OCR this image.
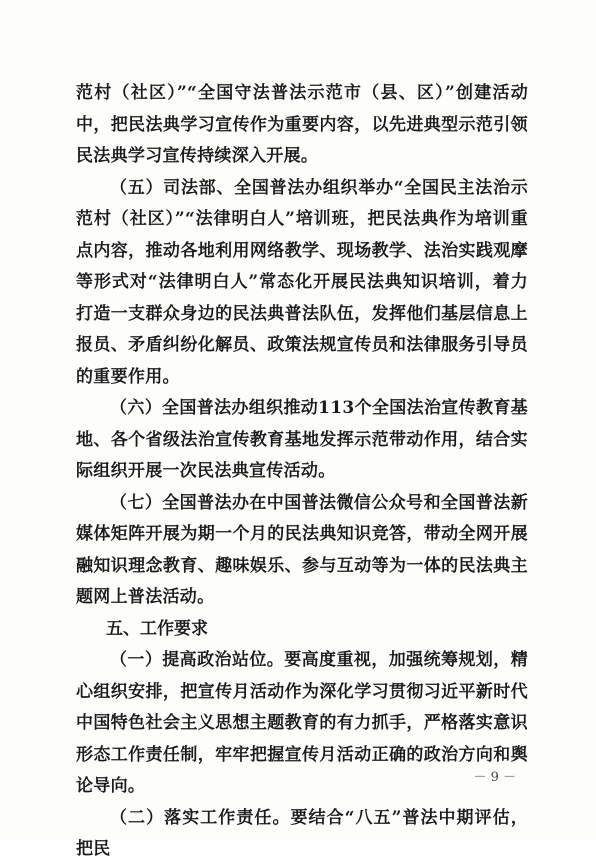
范村（社区）”“全国守法普法示范市（县、区）”创建活动中，把民法典学习宣传作为重要内容，以先进典型示范引领民法典学习宣传持续深入开展。

（五）司法部、全国普法办组织举办“全国民主法治示范村（社区）”“法律明白人”培训班，把民法典作为培训重点内容，推动各地利用网络教学、现场教学、法治实践观摩等形式对“法律明白人”常态化开展民法典知识培训，着力打造一支群众身边的民法典普法队伍，发挥他们基层信息上报员、矛盾纠纷化解员、政策法规宣传员和法律服务引导员的重要作用。

（六）全国普法办组织推动113个全国法治宣传教育基地、各个省级法治宣传教育基地发挥示范带动作用，结合实际组织开展一次民法典宣传活动。

（七）全国普法办在中国普法微信公众号和全国普法新媒体矩阵开展为期一个月的民法典知识竞答，带动全网开展融知识理念教育、趣味娱乐、参与互动等为一体的民法典主题网上普法活动。

五、工作要求

（一）提高政治站位。要高度重视，加强统筹规划，精心组织安排，把宣传月活动作为深化学习贯彻习近平新时代中国特色社会主义思想主题教育的有力抓手，严格落实意识形态工作责任制，牢牢把握宣传月活动正确的政治方向和舆论导向。

（二）落实工作责任。要结合“八五”普法中期评估，把民

－ 9 －
